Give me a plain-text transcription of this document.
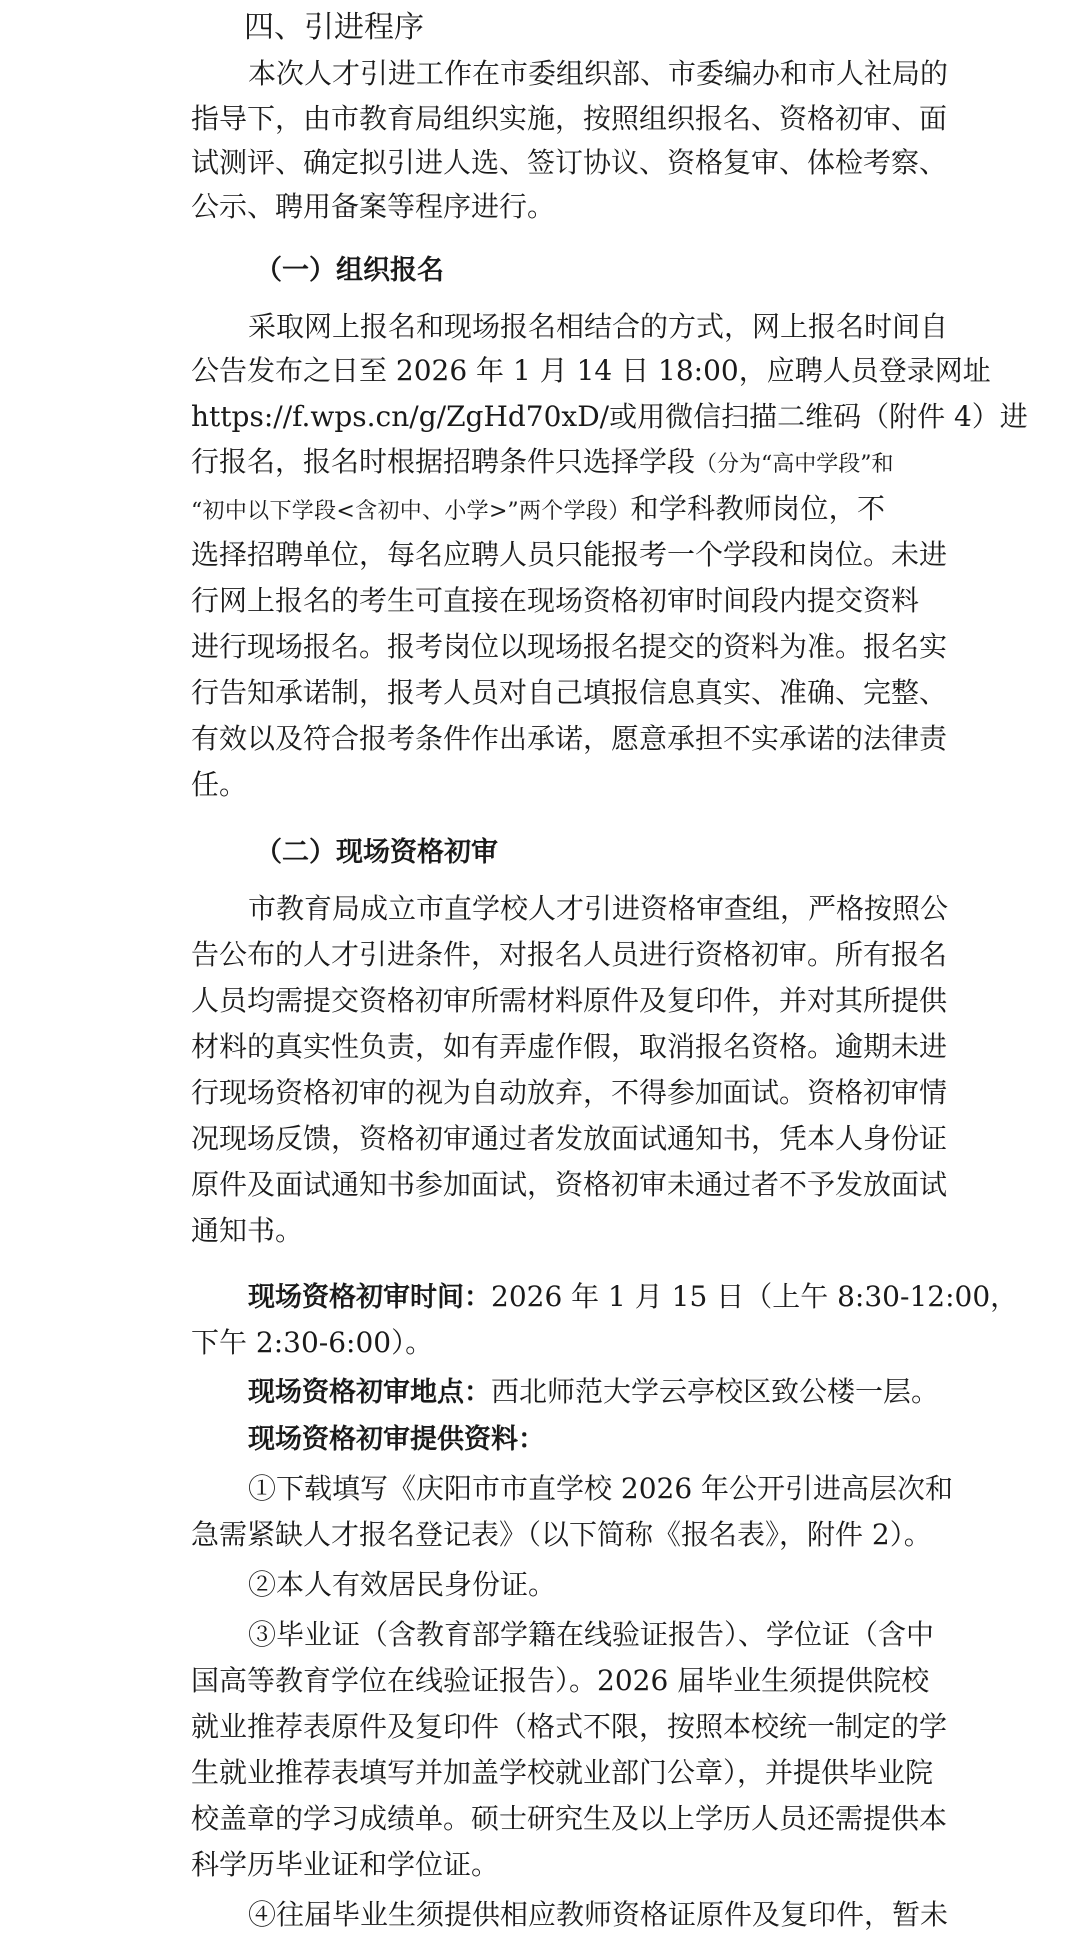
四、引进程序
本次人才引进工作在市委组织部、市委编办和市人社局的
指导下，由市教育局组织实施，按照组织报名、资格初审、面
试测评、确定拟引进人选、签订协议、资格复审、体检考察、
公示、聘用备案等程序进行。
（一）组织报名
采取网上报名和现场报名相结合的方式，网上报名时间自
公告发布之日至 2026 年 1 月 14 日 18:00，应聘人员登录网址
https://f.wps.cn/g/ZgHd70xD/或用微信扫描二维码（附件 4）进
行报名，报名时根据招聘条件只选择学段（分为“高中学段”和
“初中以下学段<含初中、小学>”两个学段）和学科教师岗位，不
选择招聘单位，每名应聘人员只能报考一个学段和岗位。未进
行网上报名的考生可直接在现场资格初审时间段内提交资料
进行现场报名。报考岗位以现场报名提交的资料为准。报名实
行告知承诺制，报考人员对自己填报信息真实、准确、完整、
有效以及符合报考条件作出承诺，愿意承担不实承诺的法律责
任。
（二）现场资格初审
市教育局成立市直学校人才引进资格审查组，严格按照公
告公布的人才引进条件，对报名人员进行资格初审。所有报名
人员均需提交资格初审所需材料原件及复印件，并对其所提供
材料的真实性负责，如有弄虚作假，取消报名资格。逾期未进
行现场资格初审的视为自动放弃，不得参加面试。资格初审情
况现场反馈，资格初审通过者发放面试通知书，凭本人身份证
原件及面试通知书参加面试，资格初审未通过者不予发放面试
通知书。
现场资格初审时间：2026 年 1 月 15 日（上午 8:30-12:00，
下午 2:30-6:00）。
现场资格初审地点：西北师范大学云亭校区致公楼一层。
现场资格初审提供资料：
①下载填写《庆阳市市直学校 2026 年公开引进高层次和
急需紧缺人才报名登记表》（以下简称《报名表》，附件 2）。
②本人有效居民身份证。
③毕业证（含教育部学籍在线验证报告）、学位证（含中
国高等教育学位在线验证报告）。2026 届毕业生须提供院校
就业推荐表原件及复印件（格式不限，按照本校统一制定的学
生就业推荐表填写并加盖学校就业部门公章），并提供毕业院
校盖章的学习成绩单。硕士研究生及以上学历人员还需提供本
科学历毕业证和学位证。
④往届毕业生须提供相应教师资格证原件及复印件，暂未
